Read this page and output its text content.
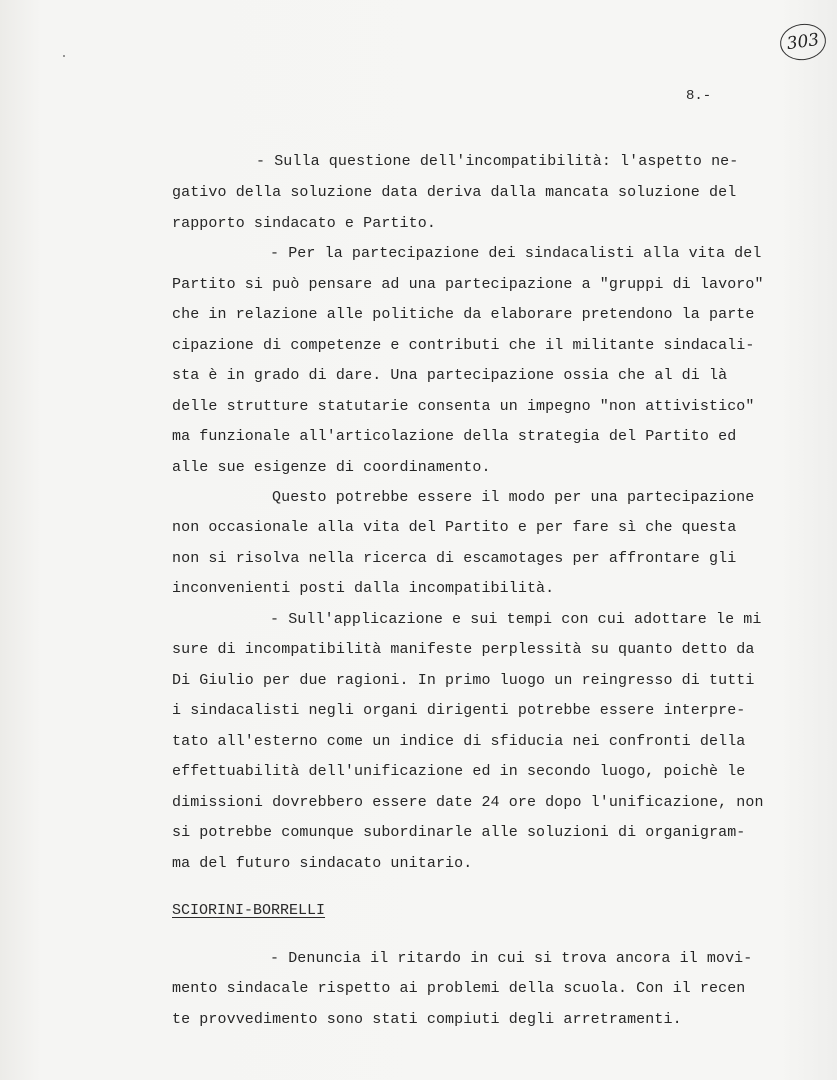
303
8.-
- Sulla questione dell'incompatibilità: l'aspetto ne-
gativo della soluzione data deriva dalla mancata soluzione del
rapporto sindacato e Partito.
- Per la partecipazione dei sindacalisti alla vita del
Partito si può pensare ad una partecipazione a "gruppi di lavoro"
che in relazione alle politiche da elaborare pretendono la parte
cipazione di competenze e contributi che il militante sindacali-
sta è in grado di dare. Una partecipazione ossia che al di là
delle strutture statutarie consenta un impegno "non attivistico"
ma funzionale all'articolazione della strategia del Partito ed
alle sue esigenze di coordinamento.
Questo potrebbe essere il modo per una partecipazione
non occasionale alla vita del Partito e per fare sì che questa
non si risolva nella ricerca di escamotages per affrontare gli
inconvenienti posti dalla incompatibilità.
- Sull'applicazione e sui tempi con cui adottare le mi
sure di incompatibilità manifeste perplessità su quanto detto da
Di Giulio per due ragioni. In primo luogo un reingresso di tutti
i sindacalisti negli organi dirigenti potrebbe essere interpre-
tato all'esterno come un indice di sfiducia nei confronti della
effettuabilità dell'unificazione ed in secondo luogo, poichè le
dimissioni dovrebbero essere date 24 ore dopo l'unificazione, non
si potrebbe comunque subordinarle alle soluzioni di organigram-
ma del futuro sindacato unitario.
SCIORINI-BORRELLI
- Denuncia il ritardo in cui si trova ancora il movi-
mento sindacale rispetto ai problemi della scuola. Con il recen
te provvedimento sono stati compiuti degli arretramenti.
